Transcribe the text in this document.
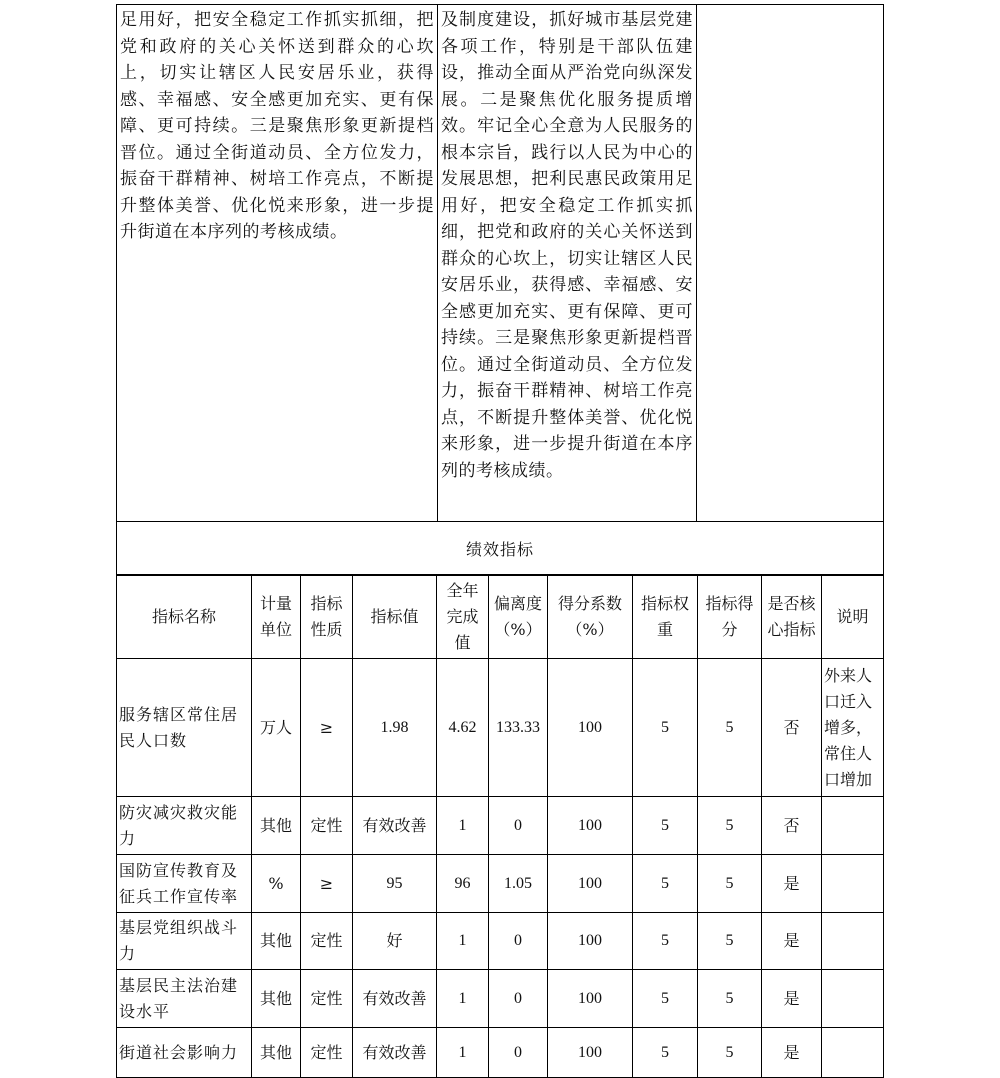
足用好，把安全稳定工作抓实抓细，把党和政府的关心关怀送到群众的心坎上，切实让辖区人民安居乐业，获得感、幸福感、安全感更加充实、更有保障、更可持续。三是聚焦形象更新提档晋位。通过全街道动员、全方位发力，振奋干群精神、树培工作亮点，不断提升整体美誉、优化悦来形象，进一步提升街道在本序列的考核成绩。

及制度建设，抓好城市基层党建各项工作，特别是干部队伍建设，推动全面从严治党向纵深发展。二是聚焦优化服务提质增效。牢记全心全意为人民服务的根本宗旨，践行以人民为中心的发展思想，把利民惠民政策用足用好，把安全稳定工作抓实抓细，把党和政府的关心关怀送到群众的心坎上，切实让辖区人民安居乐业，获得感、幸福感、安全感更加充实、更有保障、更可持续。三是聚焦形象更新提档晋位。通过全街道动员、全方位发力，振奋干群精神、树培工作亮点，不断提升整体美誉、优化悦来形象，进一步提升街道在本序列的考核成绩。

绩效指标
指标名称	计量单位	指标性质	指标值	全年完成值	偏离度（%）	得分系数（%）	指标权重	指标得分	是否核心指标	说明
服务辖区常住居民人口数	万人	≥	1.98	4.62	133.33	100	5	5	否	外来人口迁入增多，常住人口增加
防灾减灾救灾能力	其他	定性	有效改善	1	0	100	5	5	否	
国防宣传教育及征兵工作宣传率	%	≥	95	96	1.05	100	5	5	是	
基层党组织战斗力	其他	定性	好	1	0	100	5	5	是	
基层民主法治建设水平	其他	定性	有效改善	1	0	100	5	5	是	
街道社会影响力	其他	定性	有效改善	1	0	100	5	5	是	
